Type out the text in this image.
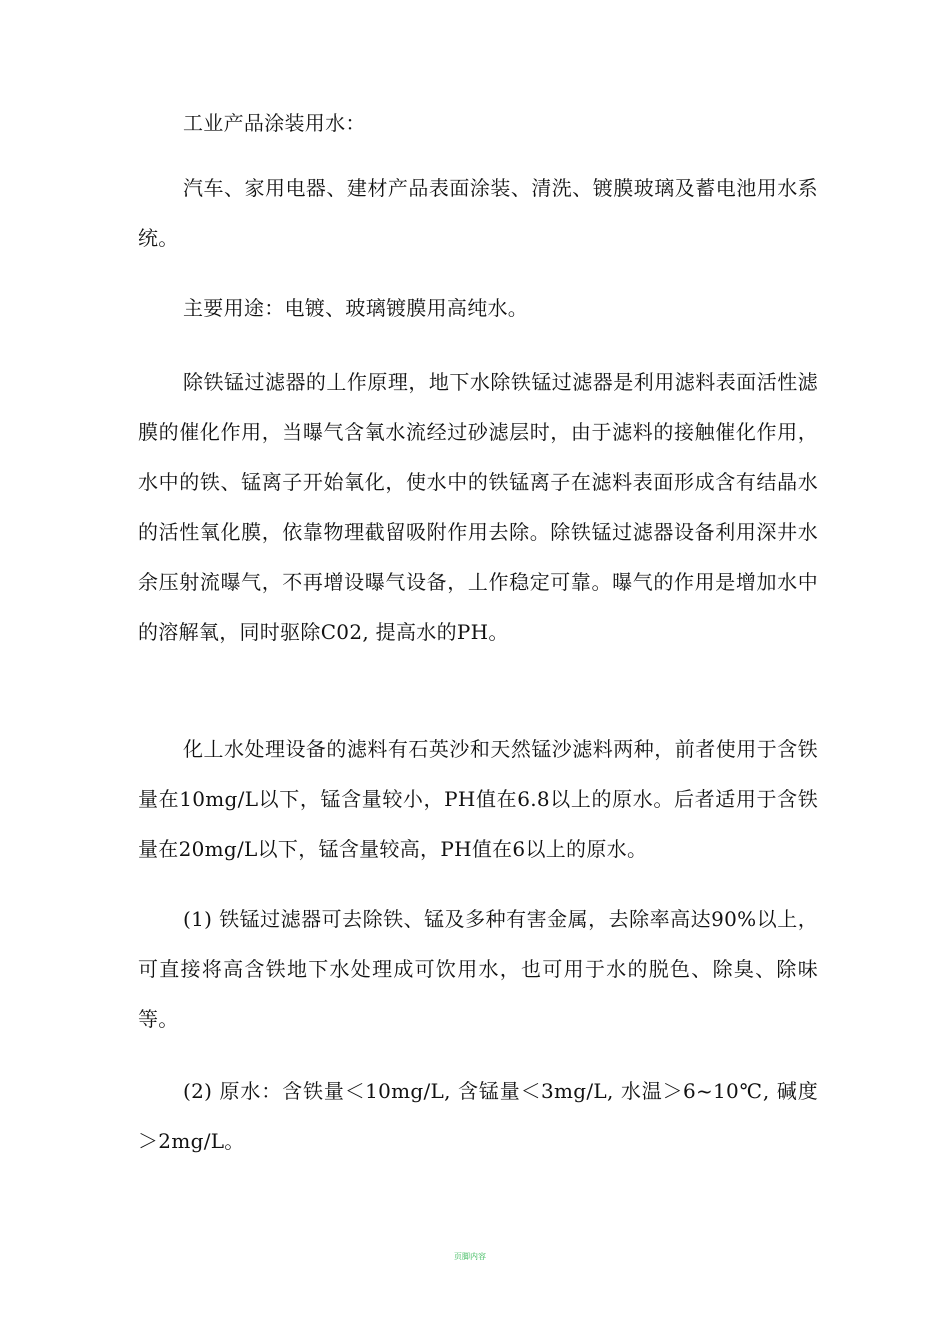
工业产品涂装用水：

汽车、家用电器、建材产品表面涂装、清洗、镀膜玻璃及蓄电池用水系统。

主要用途：电镀、玻璃镀膜用高纯水。

除铁锰过滤器的丄作原理，地下水除铁锰过滤器是利用滤料表面活性滤膜的催化作用，当曝气含氧水流经过砂滤层时，由于滤料的接触催化作用，水中的铁、锰离子开始氧化，使水中的铁锰离子在滤料表面形成含有结晶水的活性氧化膜，依靠物理截留吸附作用去除。除铁锰过滤器设备利用深井水余压射流曝气，不再增设曝气设备，丄作稳定可靠。曝气的作用是增加水中的溶解氧，同时驱除C02, 提高水的PH。

化丄水处理设备的滤料有石英沙和天然锰沙滤料两种，前者使用于含铁量在10mg/L以下，锰含量较小，PH值在6.8以上的原水。后者适用于含铁量在20mg/L以下，锰含量较高，PH值在6以上的原水。

(1) 铁锰过滤器可去除铁、锰及多种有害金属，去除率高达90%以上，可直接将高含铁地下水处理成可饮用水，也可用于水的脱色、除臭、除味等。

(2) 原水：含铁量＜10mg/L, 含锰量＜3mg/L, 水温＞6~10℃, 碱度＞2mg/L。

页脚内容
